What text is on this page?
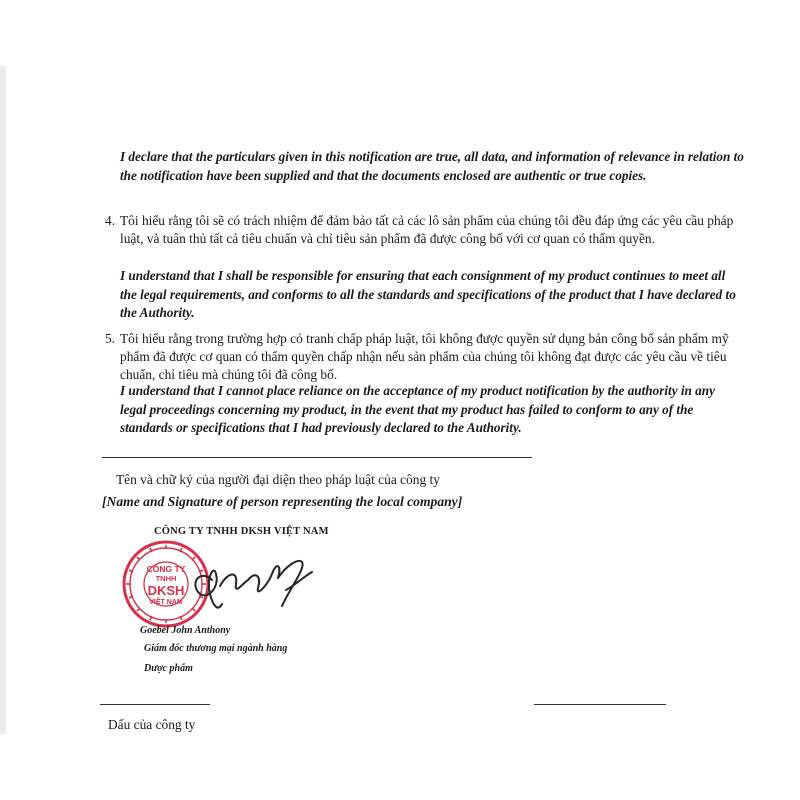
I declare that the particulars given in this notification are true, all data, and information of relevance in relation to the notification have been supplied and that the documents enclosed are authentic or true copies.

4. Tôi hiểu rằng tôi sẽ có trách nhiệm để đảm bảo tất cả các lô sản phẩm của chúng tôi đều đáp ứng các yêu cầu pháp luật, và tuân thủ tất cả tiêu chuẩn và chỉ tiêu sản phẩm đã được công bố với cơ quan có thẩm quyền.

I understand that I shall be responsible for ensuring that each consignment of my product continues to meet all the legal requirements, and conforms to all the standards and specifications of the product that I have declared to the Authority.

5. Tôi hiểu rằng trong trường hợp có tranh chấp pháp luật, tôi không được quyền sử dụng bản công bố sản phẩm mỹ phẩm đã được cơ quan có thẩm quyền chấp nhận nếu sản phẩm của chúng tôi không đạt được các yêu cầu về tiêu chuẩn, chỉ tiêu mà chúng tôi đã công bố.

I understand that I cannot place reliance on the acceptance of my product notification by the authority in any legal proceedings concerning my product, in the event that my product has failed to conform to any of the standards or specifications that I had previously declared to the Authority.

Tên và chữ ký của người đại diện theo pháp luật của công ty

[Name and Signature of person representing the local company]

CÔNG TY TNHH DKSH VIỆT NAM
CÔNG TY
TNHH
DKSH
VIỆT NAM
Goebel John Anthony
Giám đốc thương mại ngành hàng
Dược phẩm

Dấu của công ty
